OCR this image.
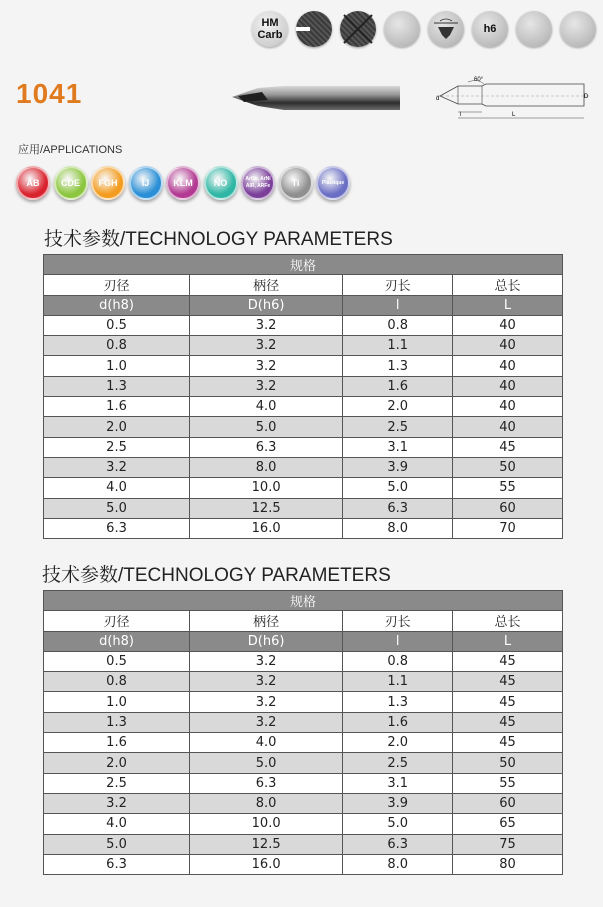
HM
Carb	h6
1041	60°
d	D
l	L
应用/APPLICATIONS
AB	CDE	FGH	IJ	KLM	NO	ArCo, ArNi
AlR, ARFe	Ti	Plastique
技术参数/TECHNOLOGY PARAMETERS
规格			
刃径	柄径	刃长	总长
d(h8)	D(h6)	l	L
0.5	3.2	0.8	40
0.8	3.2	1.1	40
1.0	3.2	1.3	40
1.3	3.2	1.6	40
1.6	4.0	2.0	40
2.0	5.0	2.5	40
2.5	6.3	3.1	45
3.2	8.0	3.9	50
4.0	10.0	5.0	55
5.0	12.5	6.3	60
6.3	16.0	8.0	70
技术参数/TECHNOLOGY PARAMETERS
规格			
刃径	柄径	刃长	总长
d(h8)	D(h6)	l	L
0.5	3.2	0.8	45
0.8	3.2	1.1	45
1.0	3.2	1.3	45
1.3	3.2	1.6	45
1.6	4.0	2.0	45
2.0	5.0	2.5	50
2.5	6.3	3.1	55
3.2	8.0	3.9	60
4.0	10.0	5.0	65
5.0	12.5	6.3	75
6.3	16.0	8.0	80
